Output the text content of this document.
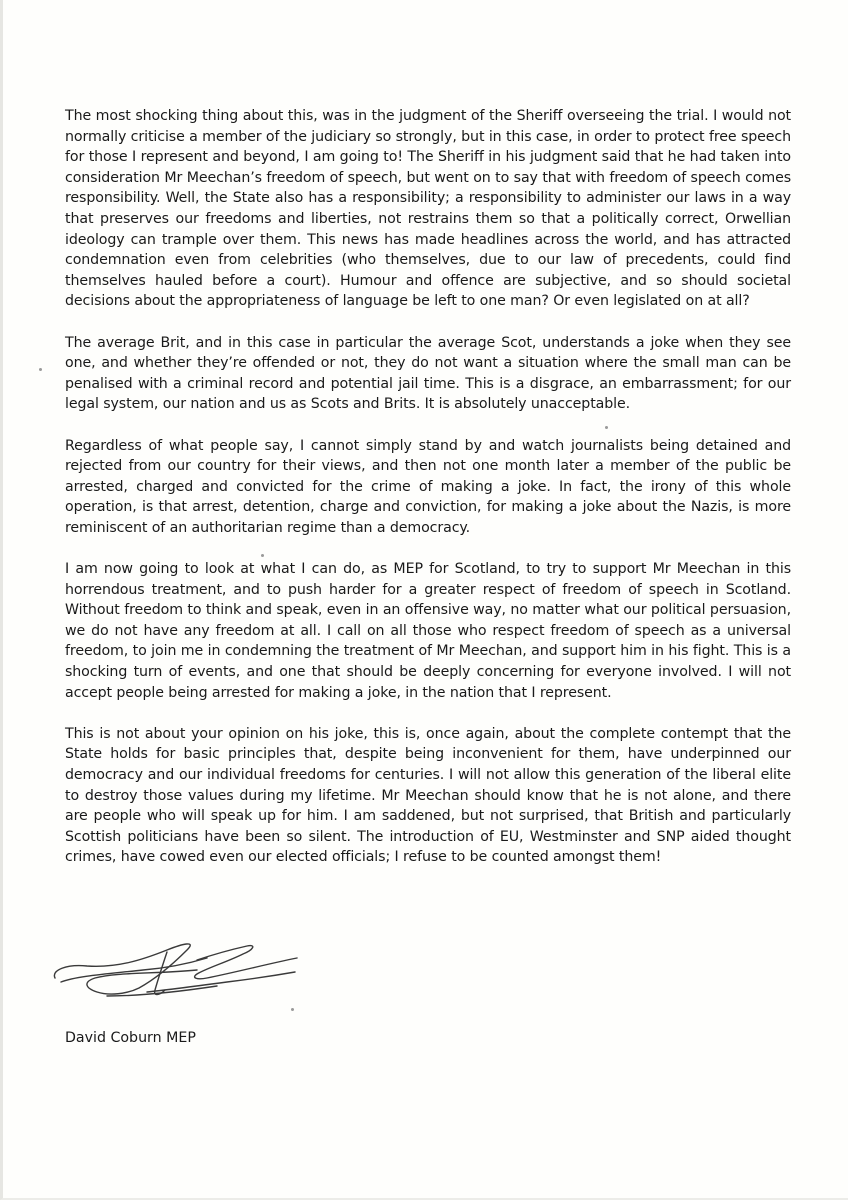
The most shocking thing about this, was in the judgment of the Sheriff overseeing the trial. I would not normally criticise a member of the judiciary so strongly, but in this case, in order to protect free speech for those I represent and beyond, I am going to! The Sheriff in his judgment said that he had taken into consideration Mr Meechan’s freedom of speech, but went on to say that with freedom of speech comes responsibility. Well, the State also has a responsibility; a responsibility to administer our laws in a way that preserves our freedoms and liberties, not restrains them so that a politically correct, Orwellian ideology can trample over them. This news has made headlines across the world, and has attracted condemnation even from celebrities (who themselves, due to our law of precedents, could find themselves hauled before a court). Humour and offence are subjective, and so should societal decisions about the appropriateness of language be left to one man? Or even legislated on at all?

The average Brit, and in this case in particular the average Scot, understands a joke when they see one, and whether they’re offended or not, they do not want a situation where the small man can be penalised with a criminal record and potential jail time. This is a disgrace, an embarrassment; for our legal system, our nation and us as Scots and Brits. It is absolutely unacceptable.

Regardless of what people say, I cannot simply stand by and watch journalists being detained and rejected from our country for their views, and then not one month later a member of the public be arrested, charged and convicted for the crime of making a joke. In fact, the irony of this whole operation, is that arrest, detention, charge and conviction, for making a joke about the Nazis, is more reminiscent of an authoritarian regime than a democracy.

I am now going to look at what I can do, as MEP for Scotland, to try to support Mr Meechan in this horrendous treatment, and to push harder for a greater respect of freedom of speech in Scotland. Without freedom to think and speak, even in an offensive way, no matter what our political persuasion, we do not have any freedom at all. I call on all those who respect freedom of speech as a universal freedom, to join me in condemning the treatment of Mr Meechan, and support him in his fight. This is a shocking turn of events, and one that should be deeply concerning for everyone involved. I will not accept people being arrested for making a joke, in the nation that I represent.

This is not about your opinion on his joke, this is, once again, about the complete contempt that the State holds for basic principles that, despite being inconvenient for them, have underpinned our democracy and our individual freedoms for centuries. I will not allow this generation of the liberal elite to destroy those values during my lifetime. Mr Meechan should know that he is not alone, and there are people who will speak up for him. I am saddened, but not surprised, that British and particularly Scottish politicians have been so silent. The introduction of EU, Westminster and SNP aided thought crimes, have cowed even our elected officials; I refuse to be counted amongst them!

David Coburn MEP
